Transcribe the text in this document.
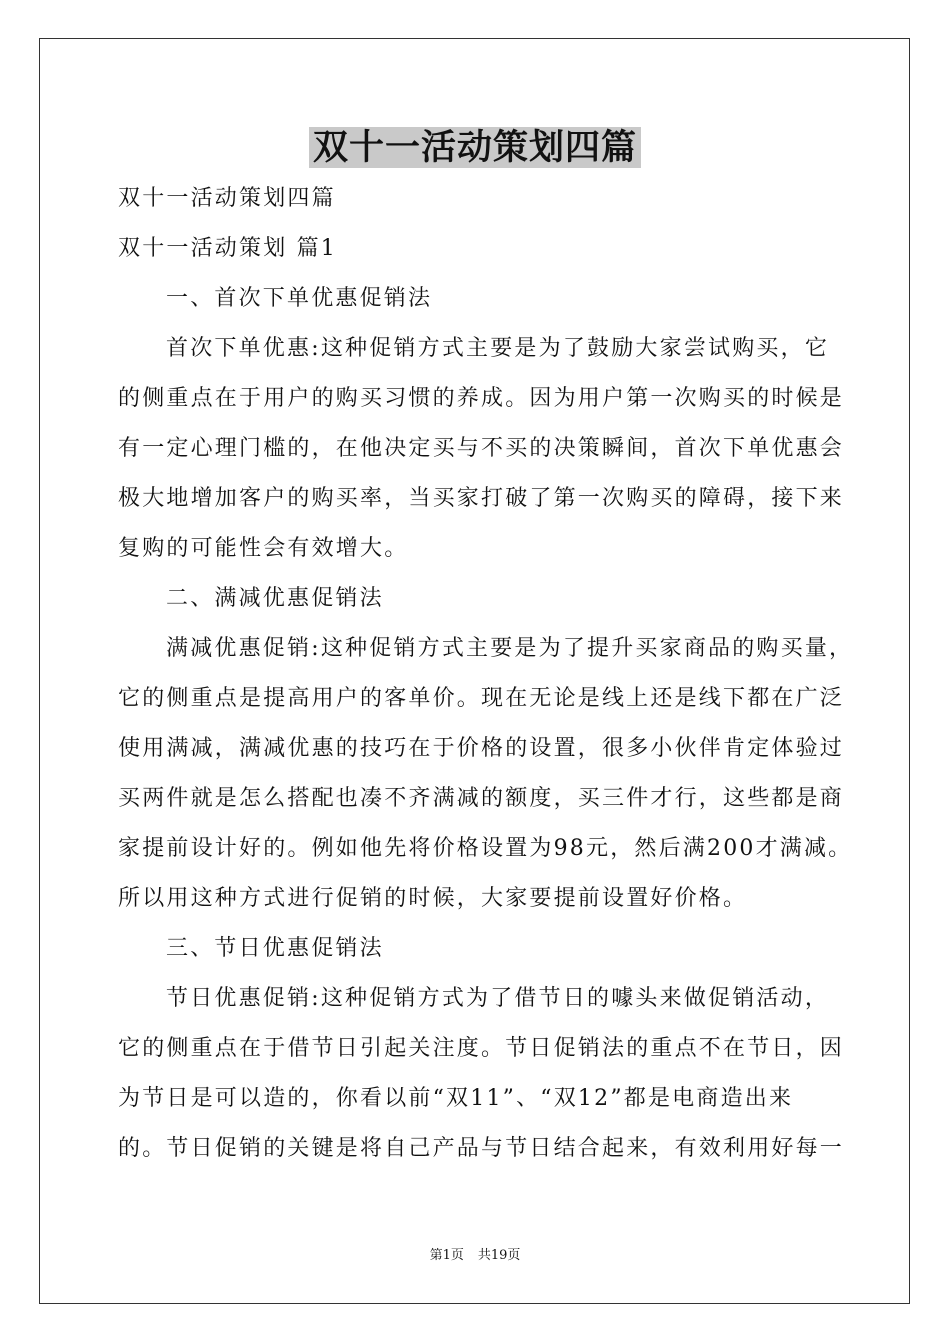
双十一活动策划四篇
双十一活动策划四篇
双十一活动策划 篇1
一、首次下单优惠促销法
首次下单优惠:这种促销方式主要是为了鼓励大家尝试购买，它
的侧重点在于用户的购买习惯的养成。因为用户第一次购买的时候是
有一定心理门槛的，在他决定买与不买的决策瞬间，首次下单优惠会
极大地增加客户的购买率，当买家打破了第一次购买的障碍，接下来
复购的可能性会有效增大。
二、满减优惠促销法
满减优惠促销:这种促销方式主要是为了提升买家商品的购买量，
它的侧重点是提高用户的客单价。现在无论是线上还是线下都在广泛
使用满减，满减优惠的技巧在于价格的设置，很多小伙伴肯定体验过
买两件就是怎么搭配也凑不齐满减的额度，买三件才行，这些都是商
家提前设计好的。例如他先将价格设置为98元，然后满200才满减。
所以用这种方式进行促销的时候，大家要提前设置好价格。
三、节日优惠促销法
节日优惠促销:这种促销方式为了借节日的噱头来做促销活动，
它的侧重点在于借节日引起关注度。节日促销法的重点不在节日，因
为节日是可以造的，你看以前“双11”、“双12”都是电商造出来
的。节日促销的关键是将自己产品与节日结合起来，有效利用好每一
第1页 共19页
